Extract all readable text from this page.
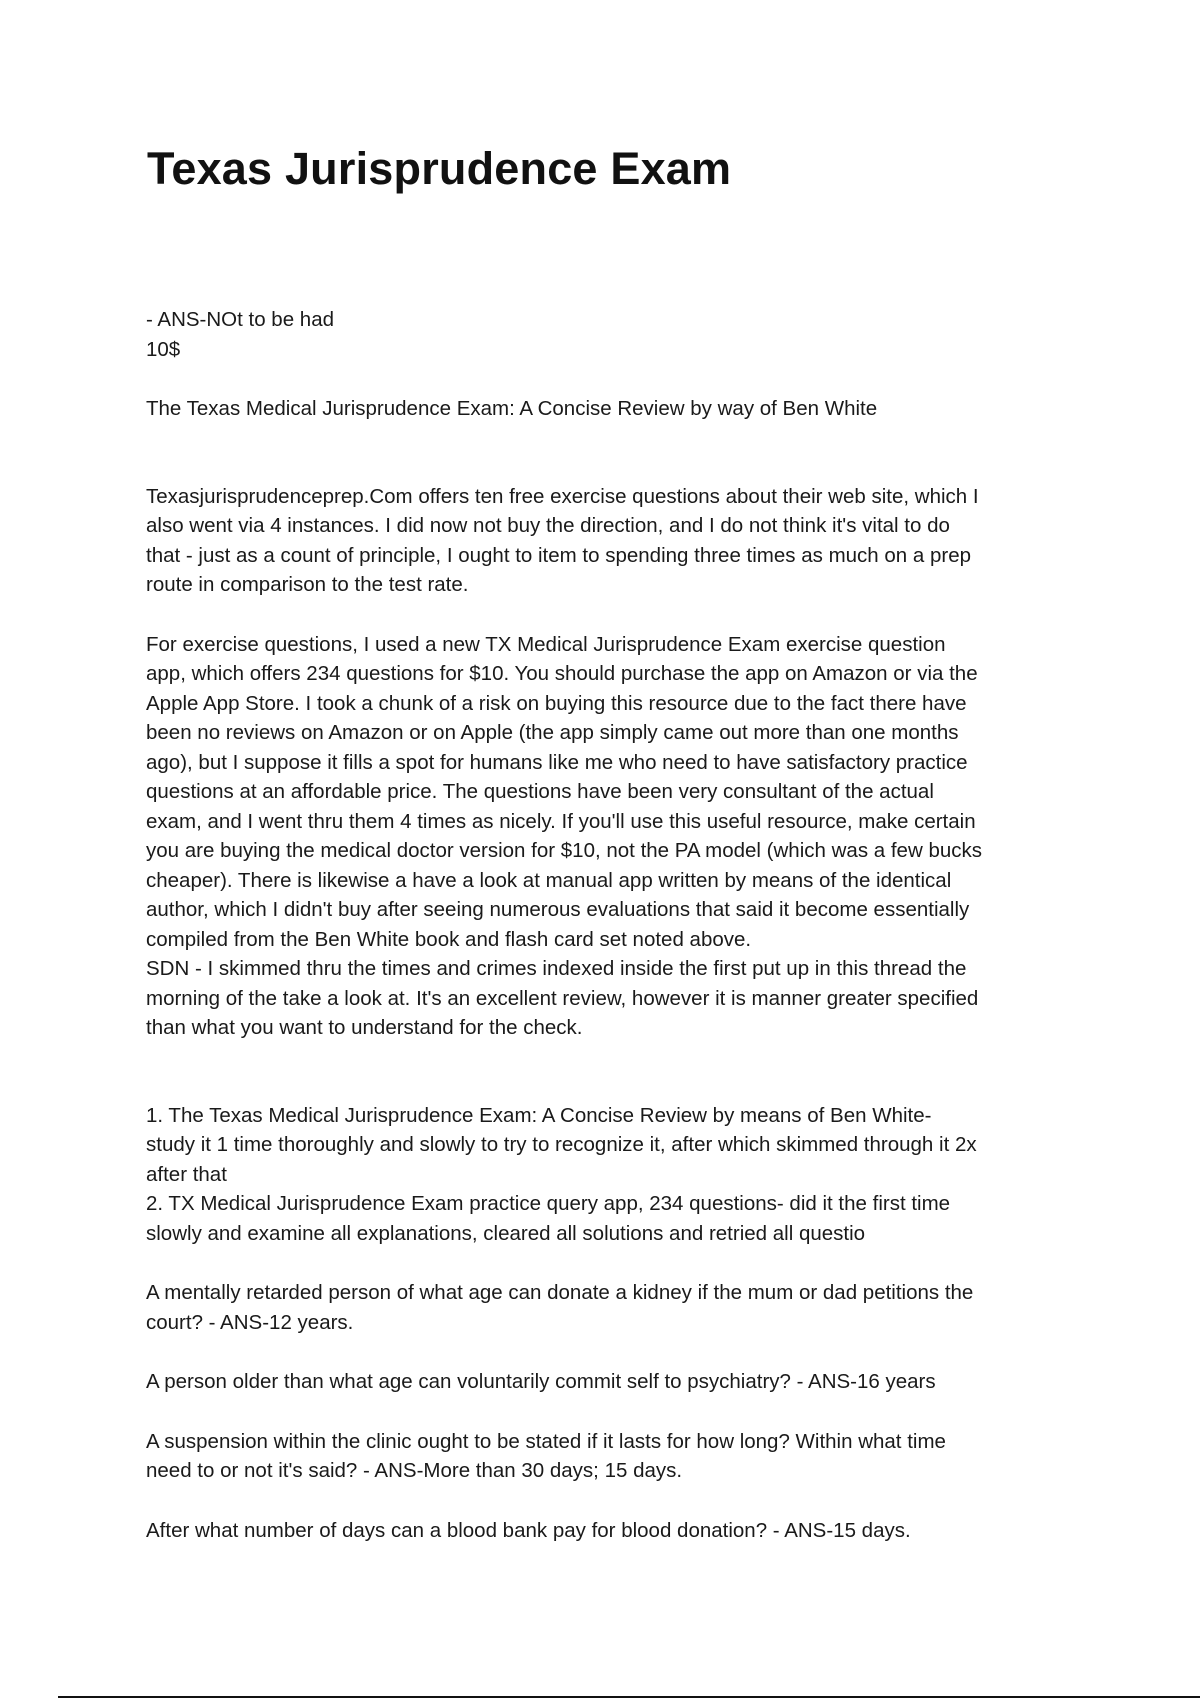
Texas Jurisprudence Exam

- ANS-NOt to be had
10$

The Texas Medical Jurisprudence Exam: A Concise Review by way of Ben White

Texasjurisprudenceprep.Com offers ten free exercise questions about their web site, which I
also went via 4 instances. I did now not buy the direction, and I do not think it's vital to do
that - just as a count of principle, I ought to item to spending three times as much on a prep
route in comparison to the test rate.

For exercise questions, I used a new TX Medical Jurisprudence Exam exercise question
app, which offers 234 questions for $10. You should purchase the app on Amazon or via the
Apple App Store. I took a chunk of a risk on buying this resource due to the fact there have
been no reviews on Amazon or on Apple (the app simply came out more than one months
ago), but I suppose it fills a spot for humans like me who need to have satisfactory practice
questions at an affordable price. The questions have been very consultant of the actual
exam, and I went thru them 4 times as nicely. If you'll use this useful resource, make certain
you are buying the medical doctor version for $10, not the PA model (which was a few bucks
cheaper). There is likewise a have a look at manual app written by means of the identical
author, which I didn't buy after seeing numerous evaluations that said it become essentially
compiled from the Ben White book and flash card set noted above.
SDN - I skimmed thru the times and crimes indexed inside the first put up in this thread the
morning of the take a look at. It's an excellent review, however it is manner greater specified
than what you want to understand for the check.

1. The Texas Medical Jurisprudence Exam: A Concise Review by means of Ben White-
study it 1 time thoroughly and slowly to try to recognize it, after which skimmed through it 2x
after that
2. TX Medical Jurisprudence Exam practice query app, 234 questions- did it the first time
slowly and examine all explanations, cleared all solutions and retried all questio

A mentally retarded person of what age can donate a kidney if the mum or dad petitions the
court? - ANS-12 years.

A person older than what age can voluntarily commit self to psychiatry? - ANS-16 years

A suspension within the clinic ought to be stated if it lasts for how long? Within what time
need to or not it's said? - ANS-More than 30 days; 15 days.

After what number of days can a blood bank pay for blood donation? - ANS-15 days.
